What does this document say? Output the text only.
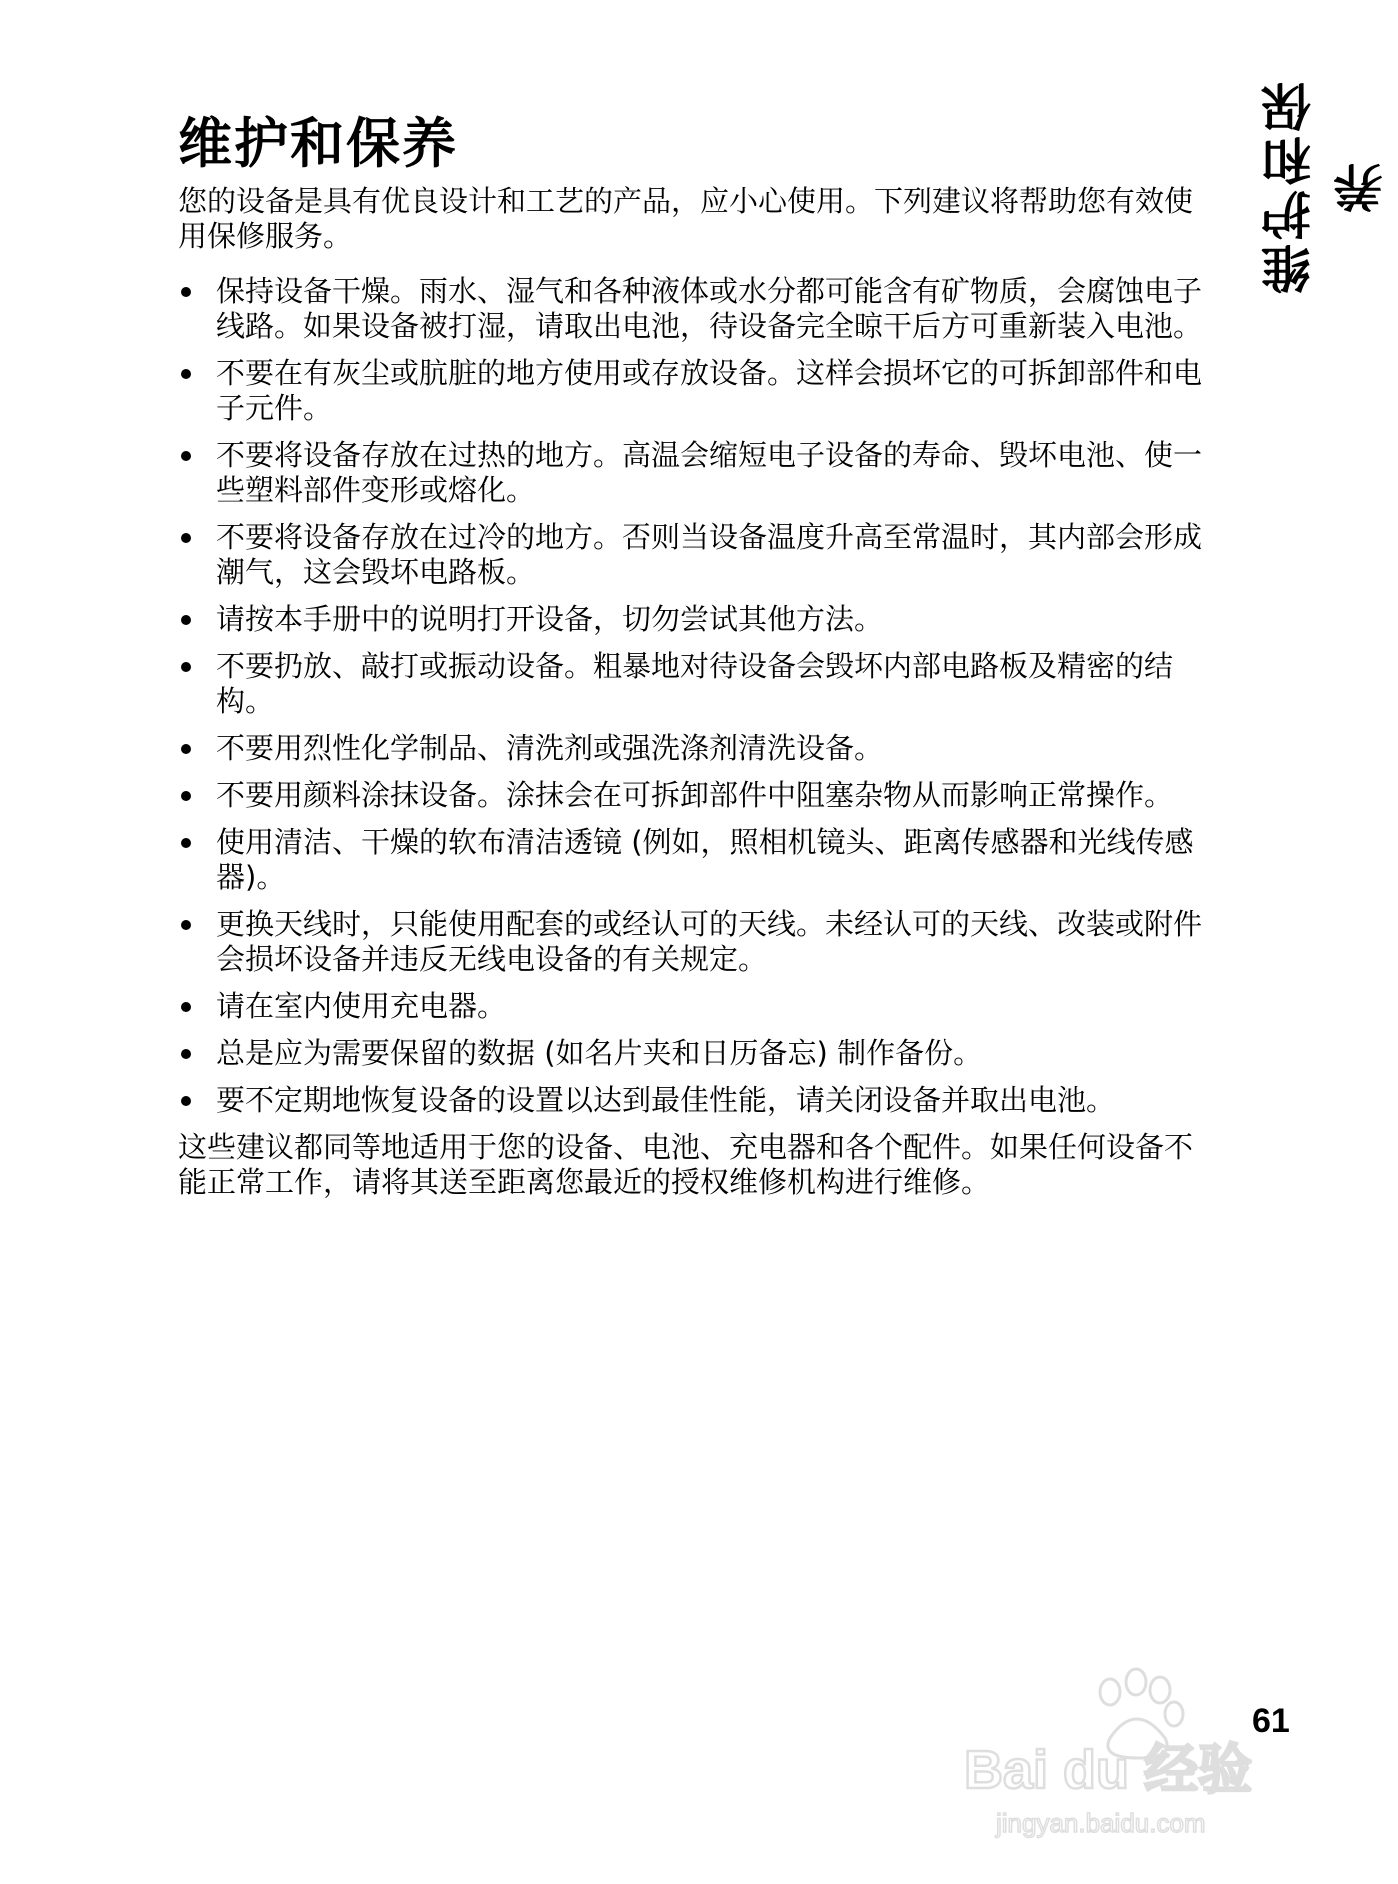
维护和保养
维护和保养

您的设备是具有优良设计和工艺的产品，应小心使用。下列建议将帮助您有效使用保修服务。

保持设备干燥。雨水、湿气和各种液体或水分都可能含有矿物质，会腐蚀电子线路。如果设备被打湿，请取出电池，待设备完全晾干后方可重新装入电池。
不要在有灰尘或肮脏的地方使用或存放设备。这样会损坏它的可拆卸部件和电子元件。
不要将设备存放在过热的地方。高温会缩短电子设备的寿命、毁坏电池、使一些塑料部件变形或熔化。
不要将设备存放在过冷的地方。否则当设备温度升高至常温时，其内部会形成潮气，这会毁坏电路板。
请按本手册中的说明打开设备，切勿尝试其他方法。
不要扔放、敲打或振动设备。粗暴地对待设备会毁坏内部电路板及精密的结构。
不要用烈性化学制品、清洗剂或强洗涤剂清洗设备。
不要用颜料涂抹设备。涂抹会在可拆卸部件中阻塞杂物从而影响正常操作。
使用清洁、干燥的软布清洁透镜 (例如，照相机镜头、距离传感器和光线传感器)。
更换天线时，只能使用配套的或经认可的天线。未经认可的天线、改装或附件会损坏设备并违反无线电设备的有关规定。
请在室内使用充电器。
总是应为需要保留的数据 (如名片夹和日历备忘) 制作备份。
要不定期地恢复设备的设置以达到最佳性能，请关闭设备并取出电池。

这些建议都同等地适用于您的设备、电池、充电器和各个配件。如果任何设备不能正常工作，请将其送至距离您最近的授权维修机构进行维修。

Bai du 经验
jingyan.baidu.com
61
